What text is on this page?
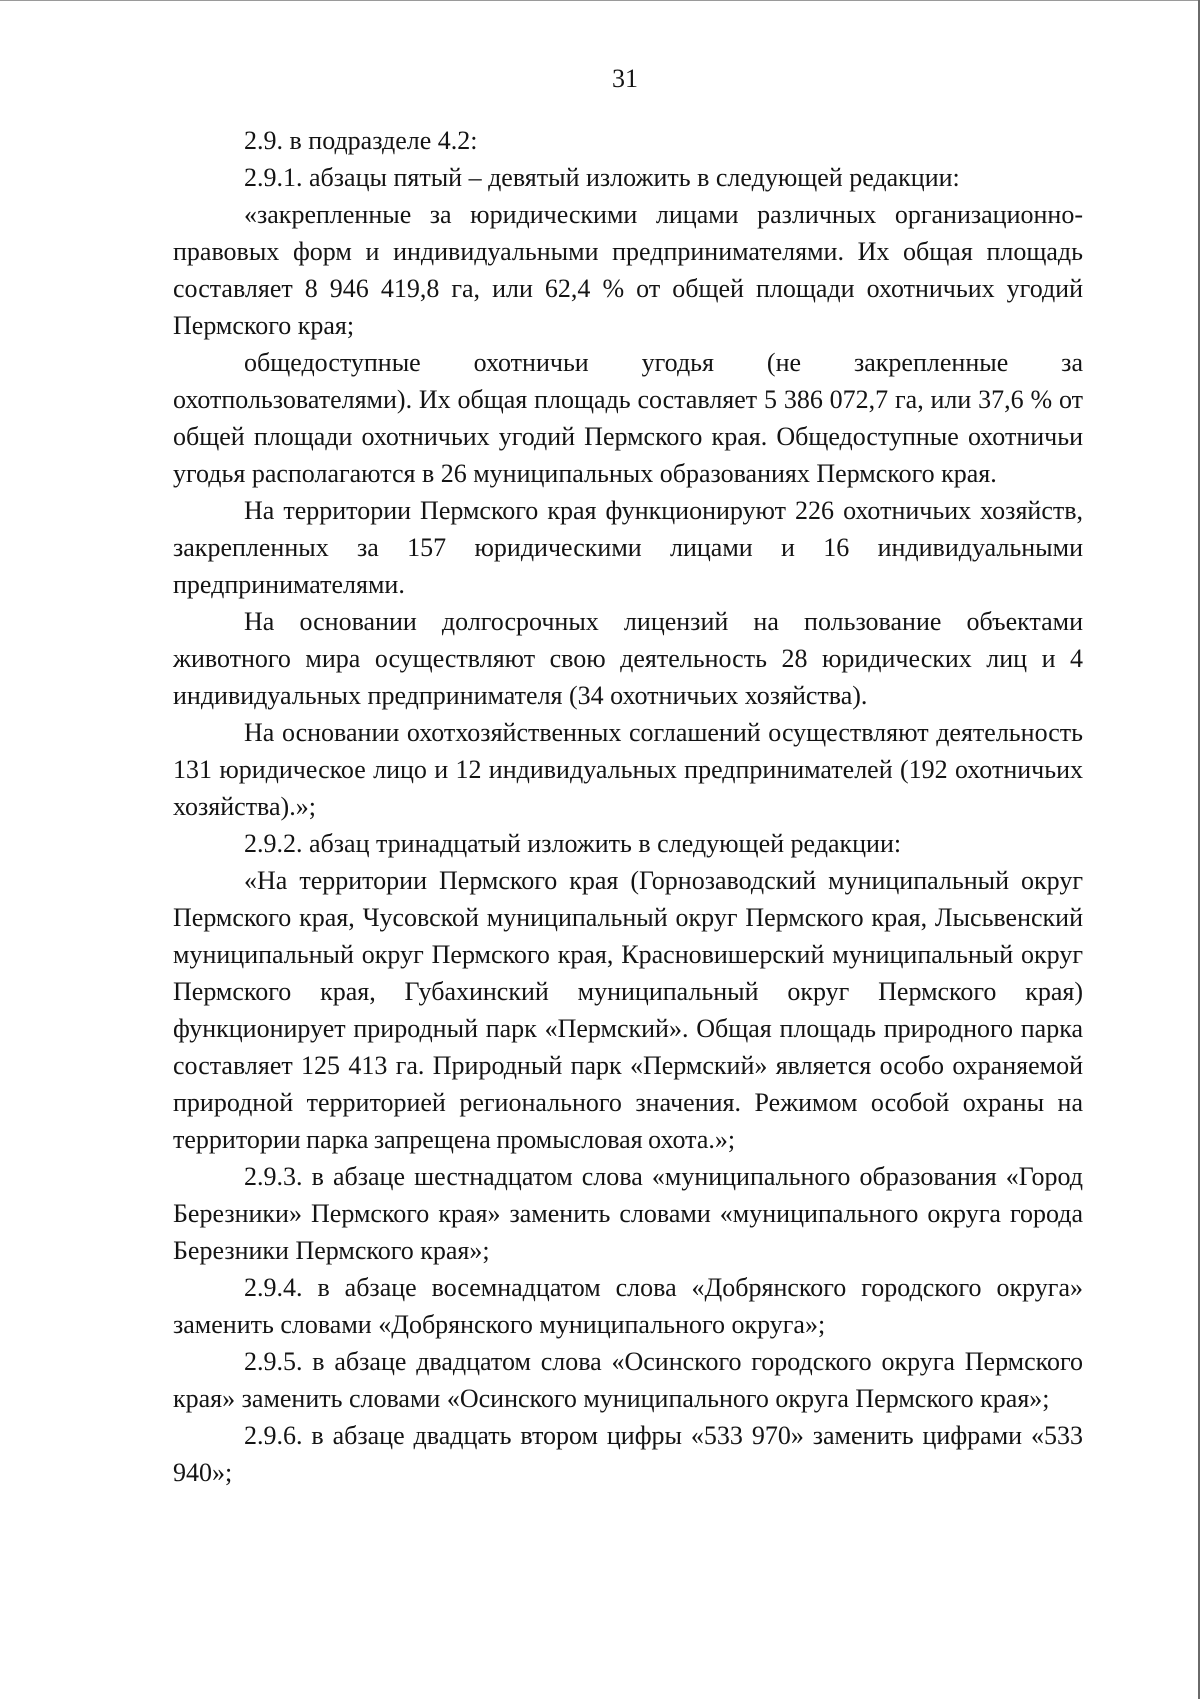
31

2.9. в подразделе 4.2:

2.9.1. абзацы пятый – девятый изложить в следующей редакции:

«закрепленные за юридическими лицами различных организационно-правовых форм и индивидуальными предпринимателями. Их общая площадь составляет 8 946 419,8 га, или 62,4 % от общей площади охотничьих угодий Пермского края;

общедоступные охотничьи угодья (не закрепленные за охотпользователями). Их общая площадь составляет 5 386 072,7 га, или 37,6 % от общей площади охотничьих угодий Пермского края. Общедоступные охотничьи угодья располагаются в 26 муниципальных образованиях Пермского края.

На территории Пермского края функционируют 226 охотничьих хозяйств, закрепленных за 157 юридическими лицами и 16 индивидуальными предпринимателями.

На основании долгосрочных лицензий на пользование объектами животного мира осуществляют свою деятельность 28 юридических лиц и 4 индивидуальных предпринимателя (34 охотничьих хозяйства).

На основании охотхозяйственных соглашений осуществляют деятельность 131 юридическое лицо и 12 индивидуальных предпринимателей (192 охотничьих хозяйства).»;

2.9.2. абзац тринадцатый изложить в следующей редакции:

«На территории Пермского края (Горнозаводский муниципальный округ Пермского края, Чусовской муниципальный округ Пермского края, Лысьвенский муниципальный округ Пермского края, Красновишерский муниципальный округ Пермского края, Губахинский муниципальный округ Пермского края) функционирует природный парк «Пермский». Общая площадь природного парка составляет 125 413 га. Природный парк «Пермский» является особо охраняемой природной территорией регионального значения. Режимом особой охраны на территории парка запрещена промысловая охота.»;

2.9.3. в абзаце шестнадцатом слова «муниципального образования «Город Березники» Пермского края» заменить словами «муниципального округа города Березники Пермского края»;

2.9.4. в абзаце восемнадцатом слова «Добрянского городского округа» заменить словами «Добрянского муниципального округа»;

2.9.5. в абзаце двадцатом слова «Осинского городского округа Пермского края» заменить словами «Осинского муниципального округа Пермского края»;

2.9.6. в абзаце двадцать втором цифры «533 970» заменить цифрами «533 940»;
